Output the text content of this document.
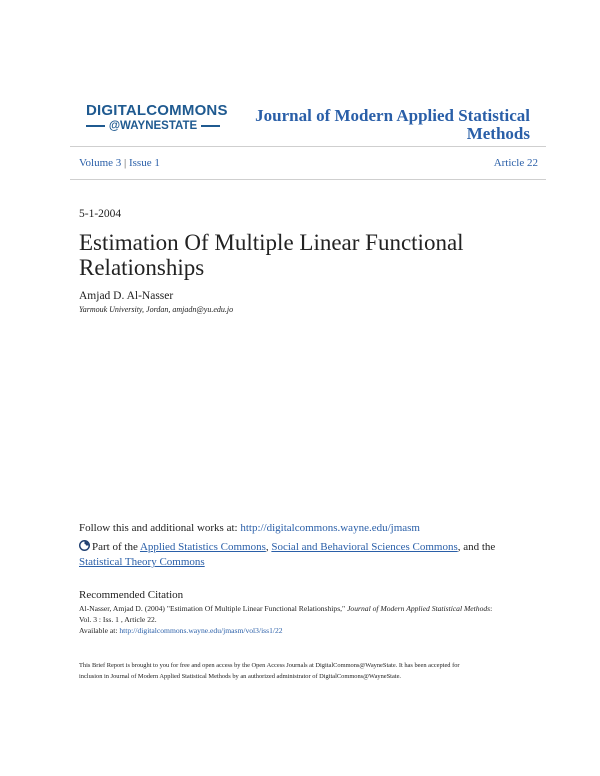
DIGITALCOMMONS
@WAYNESTATE
Journal of Modern Applied Statistical
Methods
Volume 3 | Issue 1	Article 22
5-1-2004
Estimation Of Multiple Linear Functional
Relationships
Amjad D. Al-Nasser
Yarmouk University, Jordan, amjadn@yu.edu.jo
Follow this and additional works at: http://digitalcommons.wayne.edu/jmasm
Part of the Applied Statistics Commons, Social and Behavioral Sciences Commons, and the
Statistical Theory Commons
Recommended Citation
Al-Nasser, Amjad D. (2004) "Estimation Of Multiple Linear Functional Relationships," Journal of Modern Applied Statistical Methods:
Vol. 3 : Iss. 1 , Article 22.
Available at: http://digitalcommons.wayne.edu/jmasm/vol3/iss1/22
This Brief Report is brought to you for free and open access by the Open Access Journals at DigitalCommons@WayneState. It has been accepted for
inclusion in Journal of Modern Applied Statistical Methods by an authorized administrator of DigitalCommons@WayneState.
